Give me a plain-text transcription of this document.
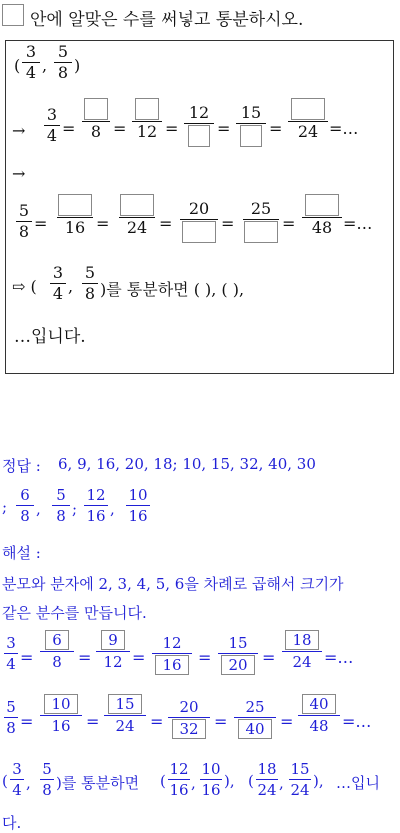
안에 알맞은 수를 써넣고 통분하시오.
(
3
4 ,
5
8 )
→
3
4 = 8 = 12 =
12
=
15
= 24 =…
→
5
8 = 16 = 24 =
20
=
25
= 48 =…
⇨ (
3
4 ,
5
8 )를 통분하면 ( ), ( ),
…입니다.
정답 : 6, 9, 16, 20, 18; 10, 15, 32, 40, 30
;
6
8 ,
5
8 ;
12
16 ,
10
16
해설 :
분모와 분자에 2, 3, 4, 5, 6을 차례로 곱해서 크기가
같은 분수를 만듭니다.
3
$4 = \frac{6}{8} = \frac{9}{12} = \frac{12}{16} = \frac{15}{20} = \frac{18}{24}$ =…
5
$8 = \frac{10}{16} = \frac{15}{24} = \frac{20}{32} = \frac{25}{40} = \frac{40}{48}$ =…
(
3
4 ,
5
8 )를 통분하면 (
12
16 ,
10
16
), (
18
24 ,
15
24
), …입니
다.
